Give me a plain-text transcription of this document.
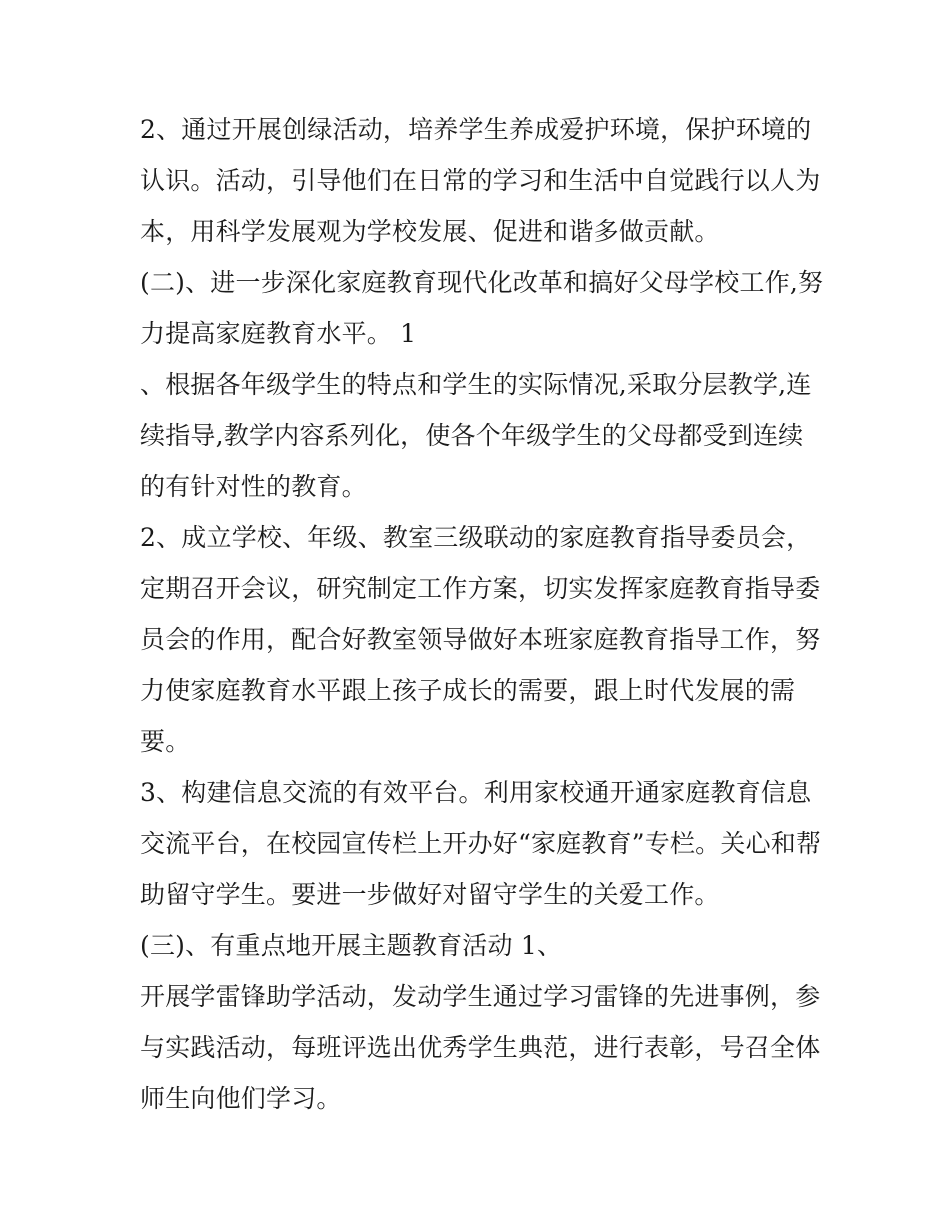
2、通过开展创绿活动，培养学生养成爱护环境，保护环境的
认识。活动，引导他们在日常的学习和生活中自觉践行以人为
本，用科学发展观为学校发展、促进和谐多做贡献。
(二)、进一步深化家庭教育现代化改革和搞好父母学校工作,努
力提高家庭教育水平。 1
、根据各年级学生的特点和学生的实际情况,采取分层教学,连
续指导,教学内容系列化，使各个年级学生的父母都受到连续
的有针对性的教育。
2、成立学校、年级、教室三级联动的家庭教育指导委员会，
定期召开会议，研究制定工作方案，切实发挥家庭教育指导委
员会的作用，配合好教室领导做好本班家庭教育指导工作，努
力使家庭教育水平跟上孩子成长的需要，跟上时代发展的需
要。
3、构建信息交流的有效平台。利用家校通开通家庭教育信息
交流平台，在校园宣传栏上开办好“家庭教育”专栏。关心和帮
助留守学生。要进一步做好对留守学生的关爱工作。
(三)、有重点地开展主题教育活动 1、
开展学雷锋助学活动，发动学生通过学习雷锋的先进事例，参
与实践活动，每班评选出优秀学生典范，进行表彰，号召全体
师生向他们学习。
